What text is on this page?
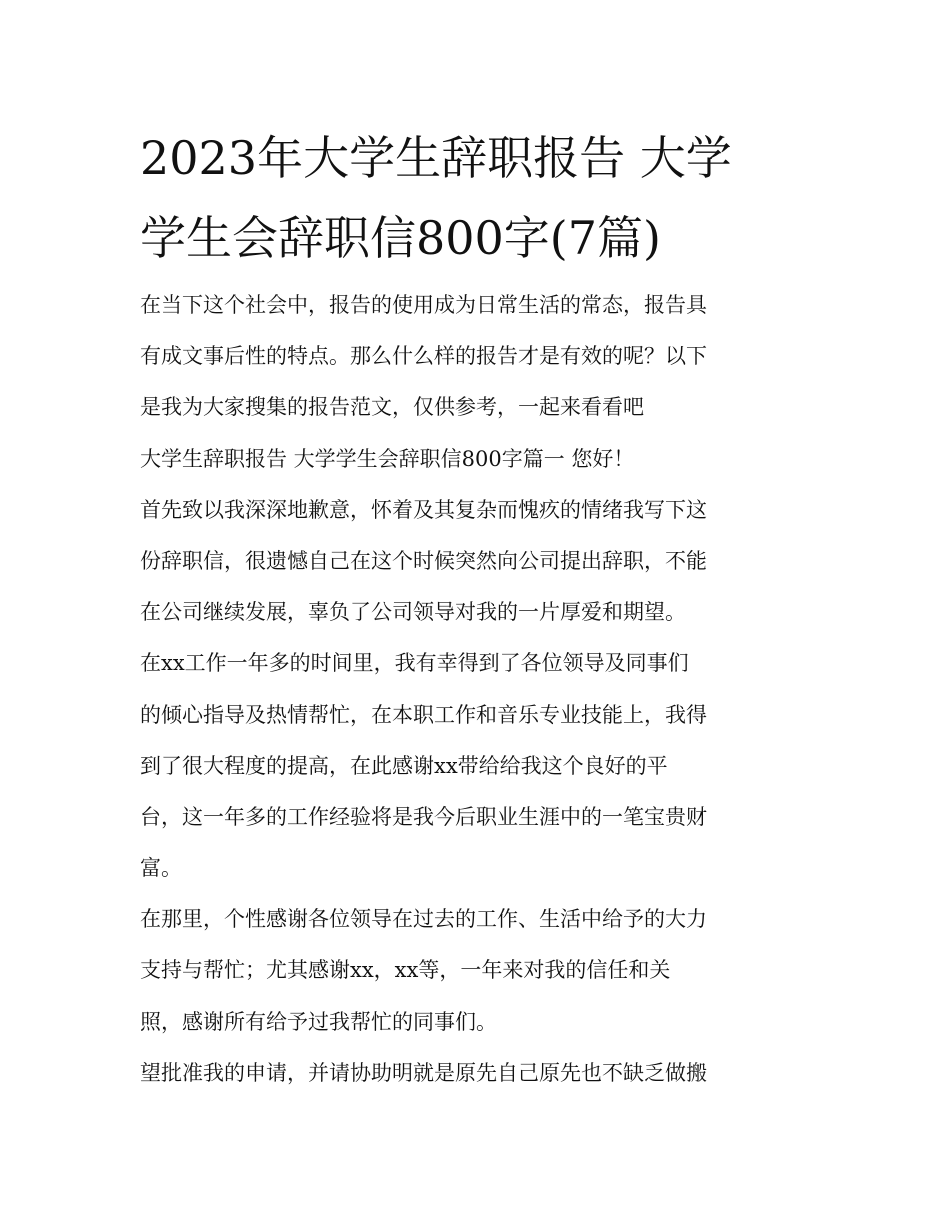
2023年大学生辞职报告 大学
学生会辞职信800字(7篇)

在当下这个社会中，报告的使用成为日常生活的常态，报告具

有成文事后性的特点。那么什么样的报告才是有效的呢？以下

是我为大家搜集的报告范文，仅供参考，一起来看看吧

大学生辞职报告 大学学生会辞职信800字篇一 您好！

首先致以我深深地歉意，怀着及其复杂而愧疚的情绪我写下这

份辞职信，很遗憾自己在这个时候突然向公司提出辞职，不能

在公司继续发展，辜负了公司领导对我的一片厚爱和期望。

在xx工作一年多的时间里，我有幸得到了各位领导及同事们

的倾心指导及热情帮忙，在本职工作和音乐专业技能上，我得

到了很大程度的提高，在此感谢xx带给给我这个良好的平

台，这一年多的工作经验将是我今后职业生涯中的一笔宝贵财

富。

在那里，个性感谢各位领导在过去的工作、生活中给予的大力

支持与帮忙；尤其感谢xx，xx等，一年来对我的信任和关

照，感谢所有给予过我帮忙的同事们。

望批准我的申请，并请协助明就是原先自己原先也不缺乏做搬
